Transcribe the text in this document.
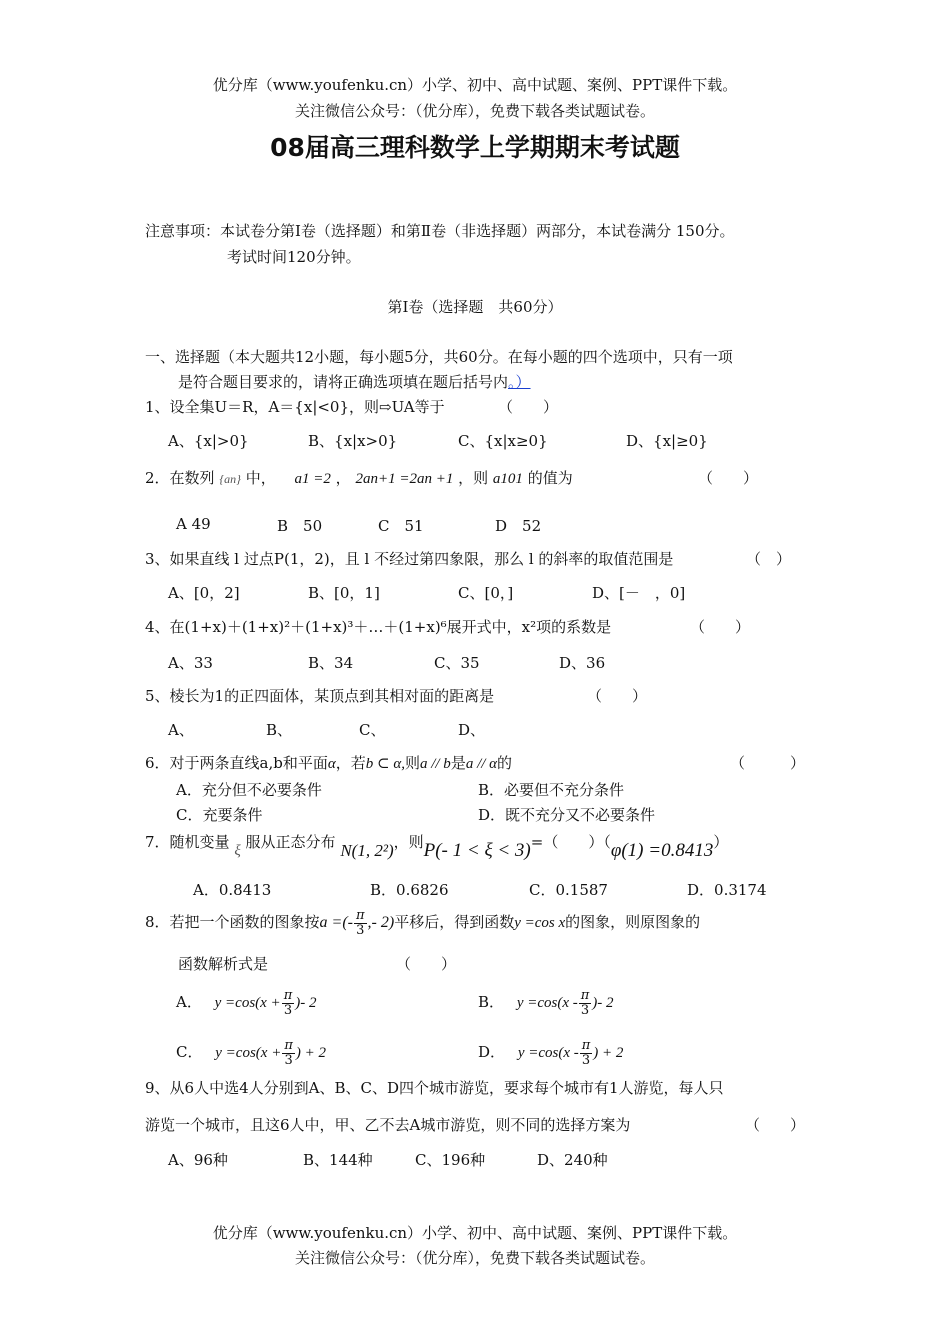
优分库（www.youfenku.cn）小学、初中、高中试题、案例、PPT课件下载。
关注微信公众号：（优分库），免费下载各类试题试卷。
08届高三理科数学上学期期末考试题
注意事项：本试卷分第Ⅰ卷（选择题）和第Ⅱ卷（非选择题）两部分，本试卷满分 150分。
考试时间120分钟。
第Ⅰ卷（选择题　共60分）
一、选择题（本大题共12小题，每小题5分，共60分。在每小题的四个选项中，只有一项
是符合题目要求的，请将正确选项填在题后括号内。）
1、设全集U＝R，A＝{x|<0}，则⇨UA等于	（　　）
A、{x|>0}	B、{x|x>0}	C、{x|x≥0}	D、{x|≥0}
2．在数列 {an} 中， a1 =2 ， 2an+1 =2an +1 ，则 a101 的值为	（　　）
A 49	B　50	C　51	D　52
3、如果直线 l 过点P(1，2)，且 l 不经过第四象限，那么 l 的斜率的取值范围是	（　）
A、[0，2]	B、[0，1]	C、[0，]	D、[－　，0]
4、在(1+x)＋(1+x)²＋(1+x)³＋…＋(1+x)⁶展开式中，x²项的系数是	（　　）
A、33	B、34	C、35	D、36
5、棱长为1的正四面体，某顶点到其相对面的距离是	（　　）
A、	B、	C、	D、
6．对于两条直线a,b和平面α，若b ⊂ α,则a // b是a // α的	（　　　）
A．充分但不必要条件	B．必要但不充分条件
C．充要条件	D．既不充分又不必要条件
7．随机变量 ξ 服从正态分布 N(1, 2²)，则P(- 1 < ξ < 3)=（　　）（φ(1) =0.8413）
A．0.8413	B．0.6826	C．0.1587	D．0.3174
8．若把一个函数的图象按a =(- $\frac{\pi}{3}$ ,- 2)平移后，得到函数y =cos x的图象，则原图象的
函数解析式是	（　　）
A． $y =\cos(x + \frac{\pi}{3}$ )- 2	B． $y =\cos(x - \frac{\pi}{3}$ )- 2
C． $y =\cos(x + \frac{\pi}{3}$ ) + 2	D． $y =\cos(x - \frac{\pi}{3}$ ) + 2
9、从6人中选4人分别到A、B、C、D四个城市游览，要求每个城市有1人游览，每人只
游览一个城市，且这6人中，甲、乙不去A城市游览，则不同的选择方案为	（　　）
A、96种	B、144种	C、196种	D、240种
优分库（www.youfenku.cn）小学、初中、高中试题、案例、PPT课件下载。
关注微信公众号：（优分库），免费下载各类试题试卷。
